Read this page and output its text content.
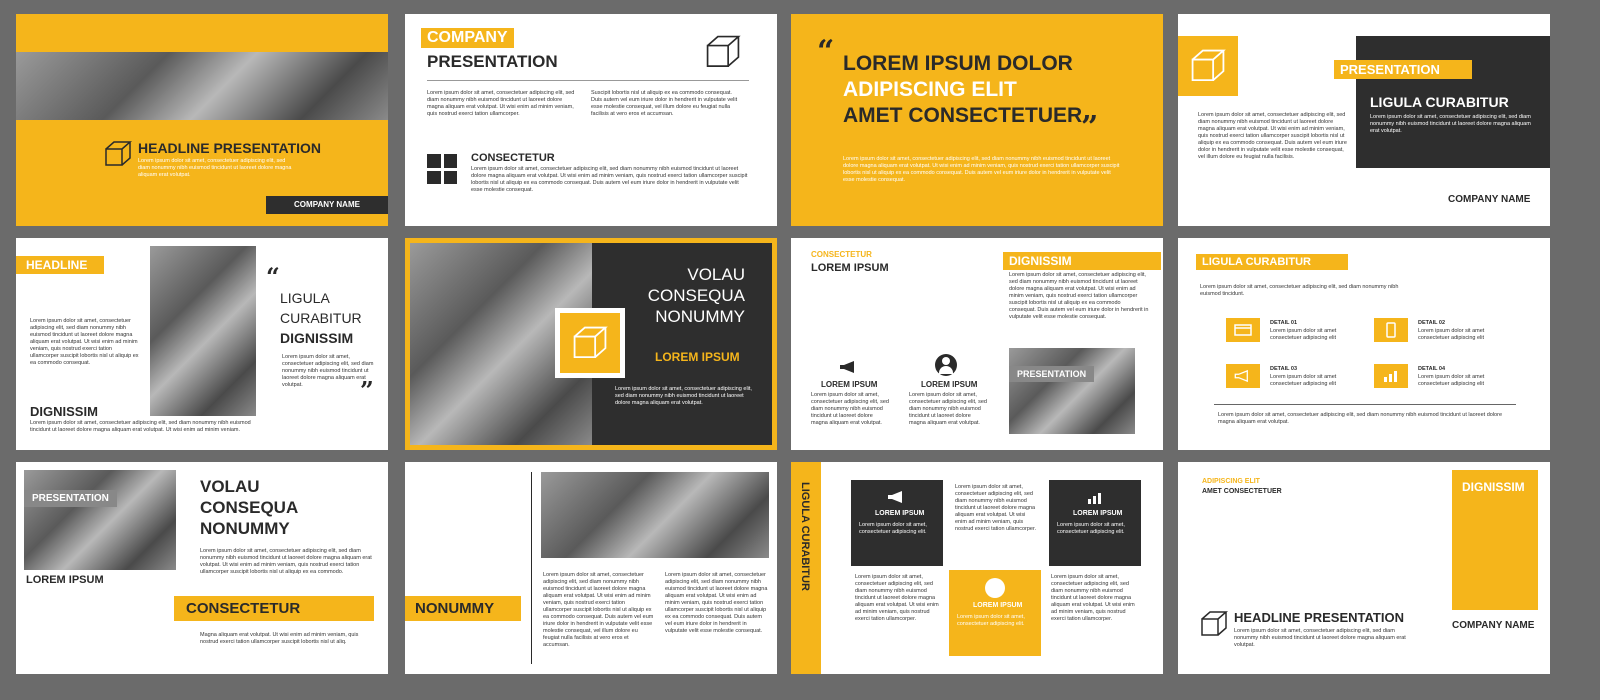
HEADLINE PRESENTATION
Lorem ipsum dolor sit amet, consectetuer adipiscing elit, sed diam nonummy nibh euismod tincidunt ut laoreet dolore magna aliquam erat volutpat.
COMPANY NAME
COMPANY
PRESENTATION
Lorem ipsum dolor sit amet, consectetuer adipiscing elit, sed diam nonummy nibh euismod tincidunt ut laoreet dolore magna aliquam erat volutpat. Ut wisi enim ad minim veniam, quis nostrud exerci tation ullamcorper.
Suscipit lobortis nisl ut aliquip ex ea commodo consequat. Duis autem vel eum iriure dolor in hendrerit in vulputate velit esse molestie consequat, vel illum dolore eu feugiat nulla facilisis at vero eros et accumsan.
CONSECTETUR
Lorem ipsum dolor sit amet, consectetuer adipiscing elit, sed diam nonummy nibh euismod tincidunt ut laoreet dolore magna aliquam erat volutpat. Ut wisi enim ad minim veniam, quis nostrud exerci tation ullamcorper suscipit lobortis nisl ut aliquip ex ea commodo consequat. Duis autem vel eum iriure dolor in hendrerit in vulputate velit esse molestie consequat.
“ LOREM IPSUM DOLOR
ADIPISCING ELIT
AMET CONSECTETUER
”
Lorem ipsum dolor sit amet, consectetuer adipiscing elit, sed diam nonummy nibh euismod tincidunt ut laoreet dolore magna aliquam erat volutpat. Ut wisi enim ad minim veniam, quis nostrud exerci tation ullamcorper suscipit lobortis nisl ut aliquip ex ea commodo consequat. Duis autem vel eum iriure dolor in hendrerit in vulputate velit esse molestie consequat.
PRESENTATION
LIGULA CURABITUR
Lorem ipsum dolor sit amet, consectetuer adipiscing elit, sed diam nonummy nibh euismod tincidunt ut laoreet dolore magna aliquam erat volutpat.
Lorem ipsum dolor sit amet, consectetuer adipiscing elit, sed diam nonummy nibh euismod tincidunt ut laoreet dolore magna aliquam erat volutpat. Ut wisi enim ad minim veniam, quis nostrud exerci tation ullamcorper suscipit lobortis nisl ut aliquip ex ea commodo consequat. Duis autem vel eum iriure dolor in hendrerit in vulputate velit esse molestie consequat, vel illum dolore eu feugiat nulla facilisis.
COMPANY NAME
HEADLINE	“
LIGULA
CURABITUR
DIGNISSIM
Lorem ipsum dolor sit amet, consectetuer adipiscing elit, sed diam nonummy nibh euismod tincidunt ut laoreet dolore magna aliquam erat volutpat.	”
Lorem ipsum dolor sit amet, consectetuer adipiscing elit, sed diam nonummy nibh euismod tincidunt ut laoreet dolore magna aliquam erat volutpat. Ut wisi enim ad minim veniam, quis nostrud exerci tation ullamcorper suscipit lobortis nisl ut aliquip ex ea commodo consequat.
DIGNISSIM
Lorem ipsum dolor sit amet, consectetuer adipiscing elit, sed diam nonummy nibh euismod tincidunt ut laoreet dolore magna aliquam erat volutpat. Ut wisi enim ad minim veniam.
VOLAU
CONSEQUA
NONUMMY
LOREM IPSUM
Lorem ipsum dolor sit amet, consectetuer adipiscing elit, sed diam nonummy nibh euismod tincidunt ut laoreet dolore magna aliquam erat volutpat.
CONSECTETUR
LOREM IPSUM	DIGNISSIM
Lorem ipsum dolor sit amet, consectetuer adipiscing elit, sed diam nonummy nibh euismod tincidunt ut laoreet dolore magna aliquam erat volutpat. Ut wisi enim ad minim veniam, quis nostrud exerci tation ullamcorper suscipit lobortis nisl ut aliquip ex ea commodo consequat. Duis autem vel eum iriure dolor in hendrerit in vulputate velit esse molestie consequat.
PRESENTATION
LOREM IPSUM	LOREM IPSUM
Lorem ipsum dolor sit amet, consectetuer adipiscing elit, sed diam nonummy nibh euismod tincidunt ut laoreet dolore magna aliquam erat volutpat.
Lorem ipsum dolor sit amet, consectetuer adipiscing elit, sed diam nonummy nibh euismod tincidunt ut laoreet dolore magna aliquam erat volutpat.
LIGULA CURABITUR
Lorem ipsum dolor sit amet, consectetuer adipiscing elit, sed diam nonummy nibh euismod tincidunt.
DETAIL 01
Lorem ipsum dolor sit amet consectetuer adipiscing elit
DETAIL 02
Lorem ipsum dolor sit amet consectetuer adipiscing elit
DETAIL 03
Lorem ipsum dolor sit amet consectetuer adipiscing elit
DETAIL 04
Lorem ipsum dolor sit amet consectetuer adipiscing elit
Lorem ipsum dolor sit amet, consectetuer adipiscing elit, sed diam nonummy nibh euismod tincidunt ut laoreet dolore magna aliquam erat volutpat.
PRESENTATION
LOREM IPSUM
VOLAU
CONSEQUA
NONUMMY
Lorem ipsum dolor sit amet, consectetuer adipiscing elit, sed diam nonummy nibh euismod tincidunt ut laoreet dolore magna aliquam erat volutpat. Ut wisi enim ad minim veniam, quis nostrud exerci tation ullamcorper suscipit lobortis nisl ut aliquip ex ea commodo.
CONSECTETUR
Magna aliquam erat volutpat. Ut wisi enim ad minim veniam, quis nostrud exerci tation ullamcorper suscipit lobortis nisl ut aliq.
NONUMMY
Lorem ipsum dolor sit amet, consectetuer adipiscing elit, sed diam nonummy nibh euismod tincidunt ut laoreet dolore magna aliquam erat volutpat. Ut wisi enim ad minim veniam, quis nostrud exerci tation ullamcorper suscipit lobortis nisl ut aliquip ex ea commodo consequat. Duis autem vel eum iriure dolor in hendrerit in vulputate velit esse molestie consequat, vel illum dolore eu feugiat nulla facilisis at vero eros et accumsan.
Lorem ipsum dolor sit amet, consectetuer adipiscing elit, sed diam nonummy nibh euismod tincidunt ut laoreet dolore magna aliquam erat volutpat. Ut wisi enim ad minim veniam, quis nostrud exerci tation ullamcorper suscipit lobortis nisl ut aliquip ex ea commodo consequat. Duis autem vel eum iriure dolor in hendrerit in vulputate velit esse molestie consequat.
LIGULA CURABITUR	LOREM IPSUM
Lorem ipsum dolor sit amet, consectetuer adipiscing elit.
Lorem ipsum dolor sit amet, consectetuer adipiscing elit, sed diam nonummy nibh euismod tincidunt ut laoreet dolore magna aliquam erat volutpat. Ut wisi enim ad minim veniam, quis nostrud exerci tation ullamcorper.
LOREM IPSUM
Lorem ipsum dolor sit amet, consectetuer adipiscing elit.
Lorem ipsum dolor sit amet, consectetuer adipiscing elit, sed diam nonummy nibh euismod tincidunt ut laoreet dolore magna aliquam erat volutpat. Ut wisi enim ad minim veniam, quis nostrud exerci tation ullamcorper.
LOREM IPSUM
Lorem ipsum dolor sit amet, consectetuer adipiscing elit.
Lorem ipsum dolor sit amet, consectetuer adipiscing elit, sed diam nonummy nibh euismod tincidunt ut laoreet dolore magna aliquam erat volutpat. Ut wisi enim ad minim veniam, quis nostrud exerci tation ullamcorper.
ADIPISCING ELIT
AMET CONSECTETUER	DIGNISSIM
HEADLINE PRESENTATION
Lorem ipsum dolor sit amet, consectetuer adipiscing elit, sed diam nonummy nibh euismod tincidunt ut laoreet dolore magna aliquam erat volutpat.
COMPANY NAME
